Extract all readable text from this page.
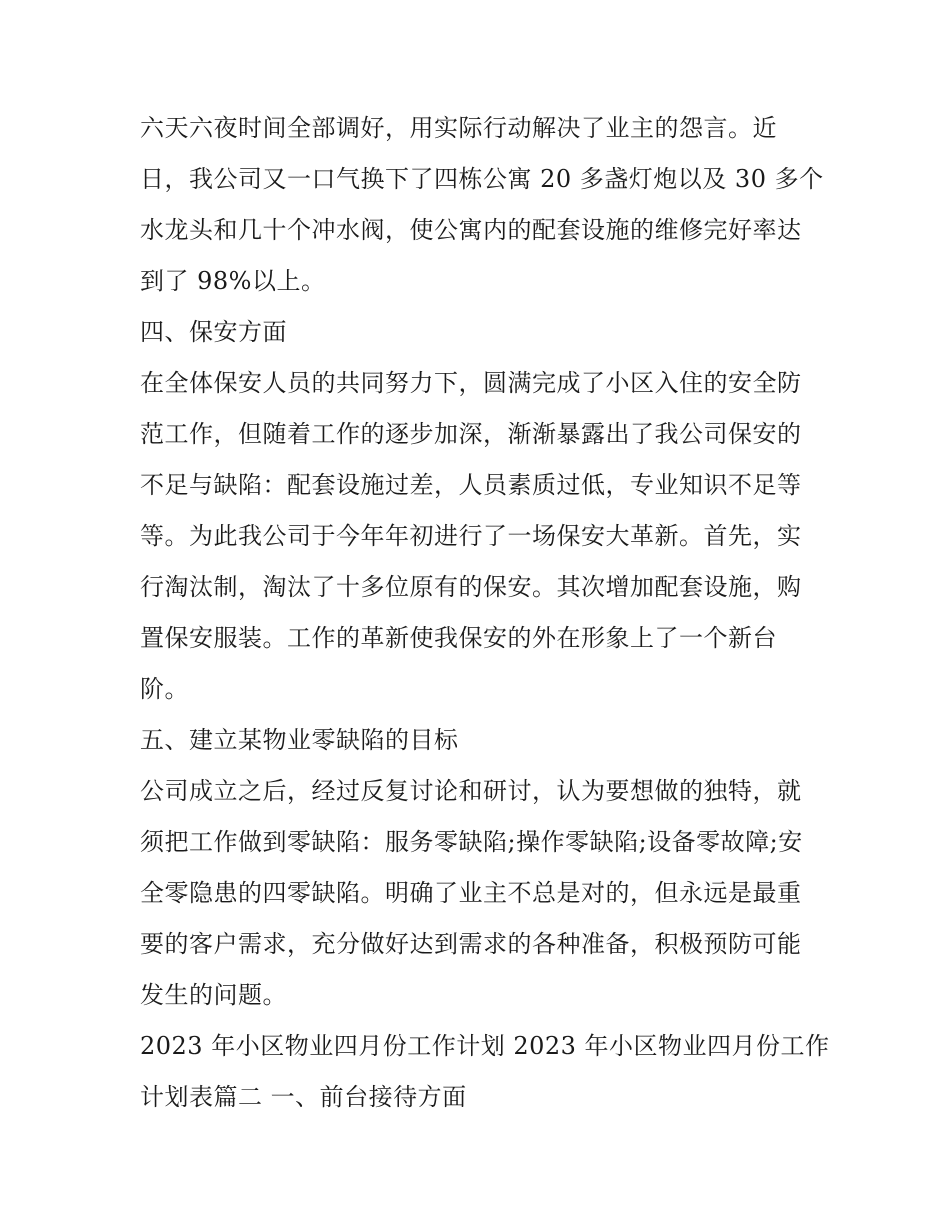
六天六夜时间全部调好，用实际行动解决了业主的怨言。近
日，我公司又一口气换下了四栋公寓 20 多盏灯炮以及 30 多个
水龙头和几十个冲水阀，使公寓内的配套设施的维修完好率达
到了 98%以上。
四、保安方面
在全体保安人员的共同努力下，圆满完成了小区入住的安全防
范工作，但随着工作的逐步加深，渐渐暴露出了我公司保安的
不足与缺陷：配套设施过差，人员素质过低，专业知识不足等
等。为此我公司于今年年初进行了一场保安大革新。首先，实
行淘汰制，淘汰了十多位原有的保安。其次增加配套设施，购
置保安服装。工作的革新使我保安的外在形象上了一个新台
阶。
五、建立某物业零缺陷的目标
公司成立之后，经过反复讨论和研讨，认为要想做的独特，就
须把工作做到零缺陷：服务零缺陷;操作零缺陷;设备零故障;安
全零隐患的四零缺陷。明确了业主不总是对的，但永远是最重
要的客户需求，充分做好达到需求的各种准备，积极预防可能
发生的问题。
2023 年小区物业四月份工作计划 2023 年小区物业四月份工作
计划表篇二 一、前台接待方面
